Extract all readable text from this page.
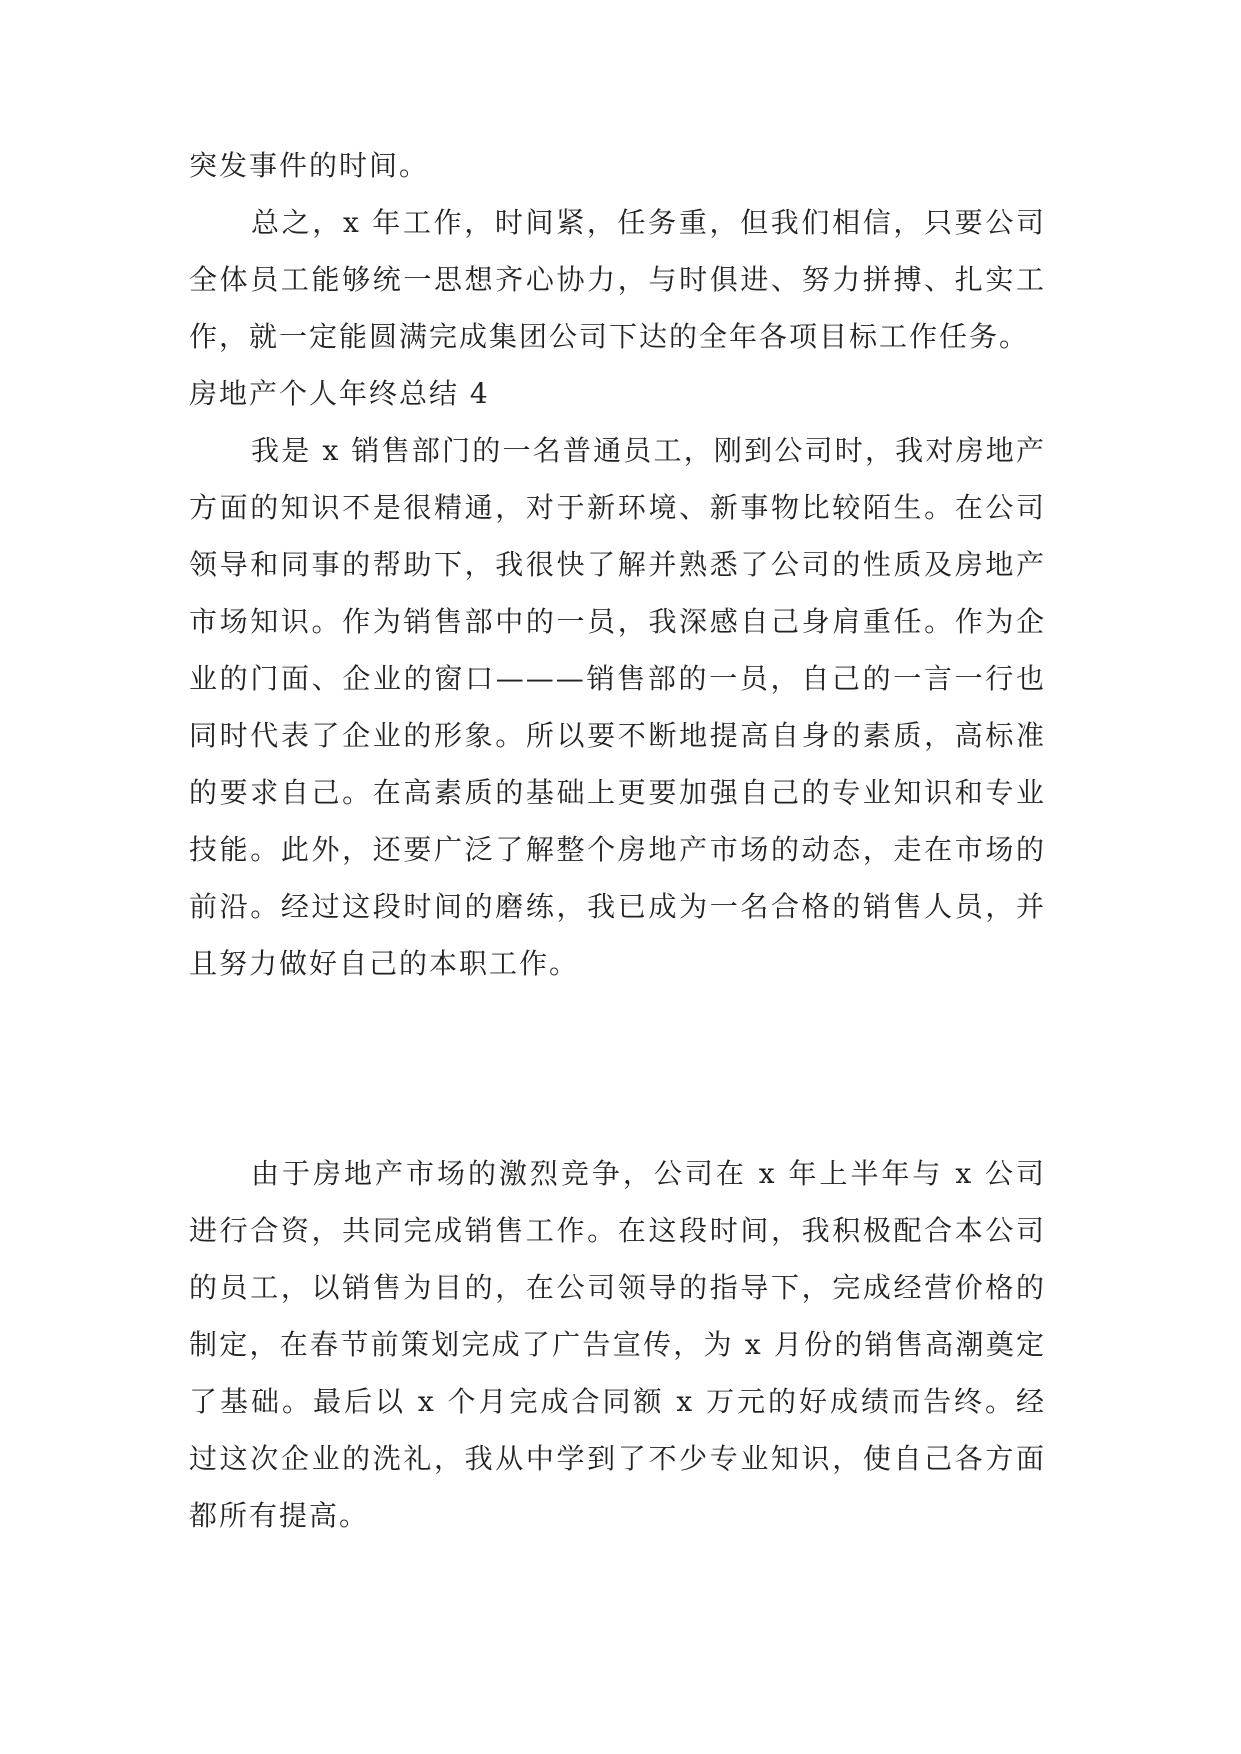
突发事件的时间。

总之，x 年工作，时间紧，任务重，但我们相信，只要公司全体员工能够统一思想齐心协力，与时俱进、努力拼搏、扎实工作，就一定能圆满完成集团公司下达的全年各项目标工作任务。

房地产个人年终总结 4

我是 x 销售部门的一名普通员工，刚到公司时，我对房地产方面的知识不是很精通，对于新环境、新事物比较陌生。在公司领导和同事的帮助下，我很快了解并熟悉了公司的性质及房地产市场知识。作为销售部中的一员，我深感自己身肩重任。作为企业的门面、企业的窗口———销售部的一员，自己的一言一行也同时代表了企业的形象。所以要不断地提高自身的素质，高标准的要求自己。在高素质的基础上更要加强自己的专业知识和专业技能。此外，还要广泛了解整个房地产市场的动态，走在市场的前沿。经过这段时间的磨练，我已成为一名合格的销售人员，并且努力做好自己的本职工作。

由于房地产市场的激烈竞争，公司在 x 年上半年与 x 公司进行合资，共同完成销售工作。在这段时间，我积极配合本公司的员工，以销售为目的，在公司领导的指导下，完成经营价格的制定，在春节前策划完成了广告宣传，为 x 月份的销售高潮奠定了基础。最后以 x 个月完成合同额 x 万元的好成绩而告终。经过这次企业的洗礼，我从中学到了不少专业知识，使自己各方面都所有提高。
